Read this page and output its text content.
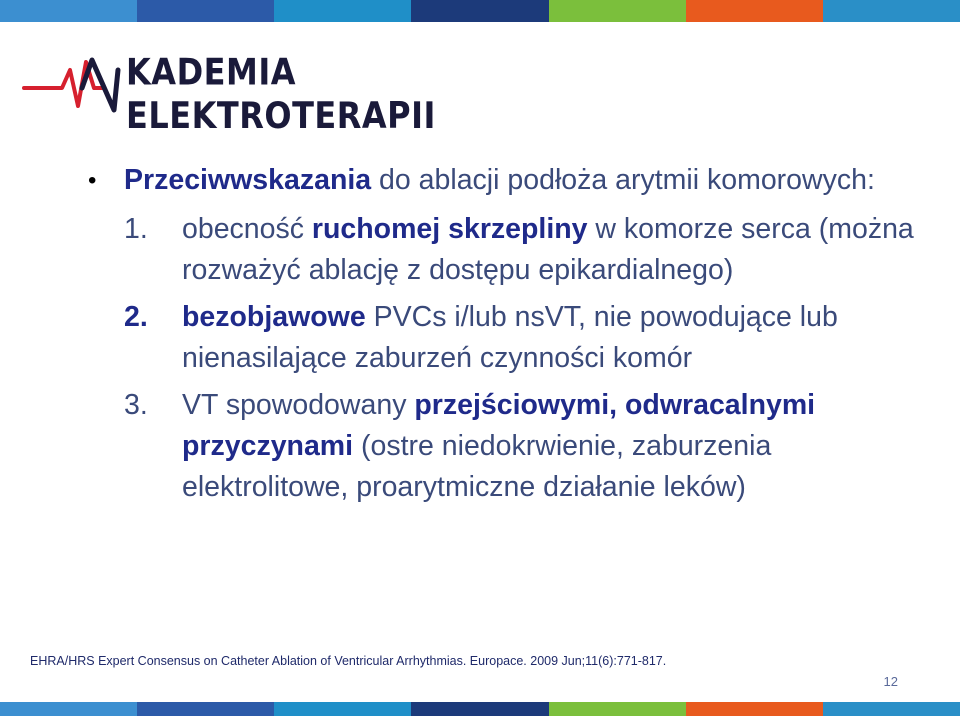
KADEMIA ELEKTROTERAPII
• Przeciwwskazania do ablacji podłoża arytmii komorowych:
1. obecność ruchomej skrzepliny w komorze serca (można rozważyć ablację z dostępu epikardialnego)
2. bezobjawowe PVCs i/lub nsVT, nie powodujące lub nienasilające zaburzeń czynności komór
3. VT spowodowany przejściowymi, odwracalnymi przyczynami (ostre niedokrwienie, zaburzenia elektrolitowe, proarytmiczne działanie leków)
EHRA/HRS Expert Consensus on Catheter Ablation of Ventricular Arrhythmias. Europace. 2009 Jun;11(6):771-817.
12
